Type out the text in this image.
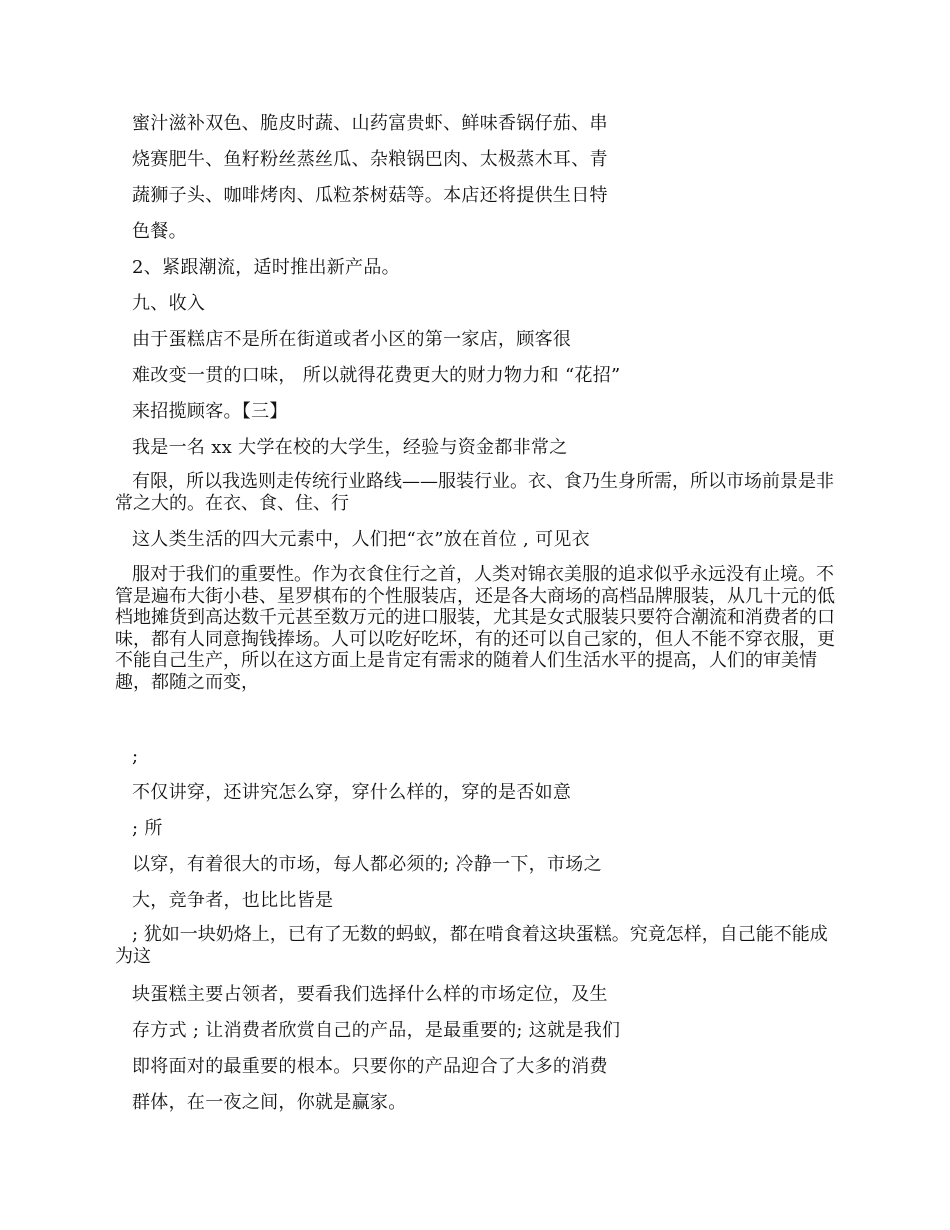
蜜汁滋补双色、脆皮时蔬、山药富贵虾、鲜味香锅仔茄、串
烧赛肥牛、鱼籽粉丝蒸丝瓜、杂粮锅巴肉、太极蒸木耳、青
蔬狮子头、咖啡烤肉、瓜粒茶树菇等。本店还将提供生日特
色餐。
2、紧跟潮流，适时推出新产品。
九、收入
由于蛋糕店不是所在街道或者小区的第一家店，顾客很
难改变一贯的口味， 所以就得花费更大的财力物力和 “花招”
来招揽顾客。【三】
我是一名 xx 大学在校的大学生，经验与资金都非常之
有限，所以我选则走传统行业路线——服装行业。衣、食乃生身所需，所以市场前景是非常之大的。在衣、食、住、行
这人类生活的四大元素中，人们把“衣”放在首位 , 可见衣
服对于我们的重要性。作为衣食住行之首，人类对锦衣美服的追求似乎永远没有止境。不管是遍布大街小巷、星罗棋布的个性服装店，还是各大商场的高档品牌服装，从几十元的低档地摊货到高达数千元甚至数万元的进口服装，尤其是女式服装只要符合潮流和消费者的口味，都有人同意掏钱捧场。人可以吃好吃坏，有的还可以自己家的，但人不能不穿衣服，更不能自己生产，所以在这方面上是肯定有需求的随着人们生活水平的提高，人们的审美情趣，都随之而变，
;
不仅讲穿，还讲究怎么穿，穿什么样的，穿的是否如意
; 所
以穿，有着很大的市场，每人都必须的; 冷静一下，市场之
大，竞争者，也比比皆是
; 犹如一块奶烙上，已有了无数的蚂蚁，都在啃食着这块蛋糕。究竟怎样，自己能不能成为这
块蛋糕主要占领者，要看我们选择什么样的市场定位，及生
存方式 ; 让消费者欣赏自己的产品，是最重要的; 这就是我们
即将面对的最重要的根本。只要你的产品迎合了大多的消费
群体，在一夜之间，你就是赢家。
